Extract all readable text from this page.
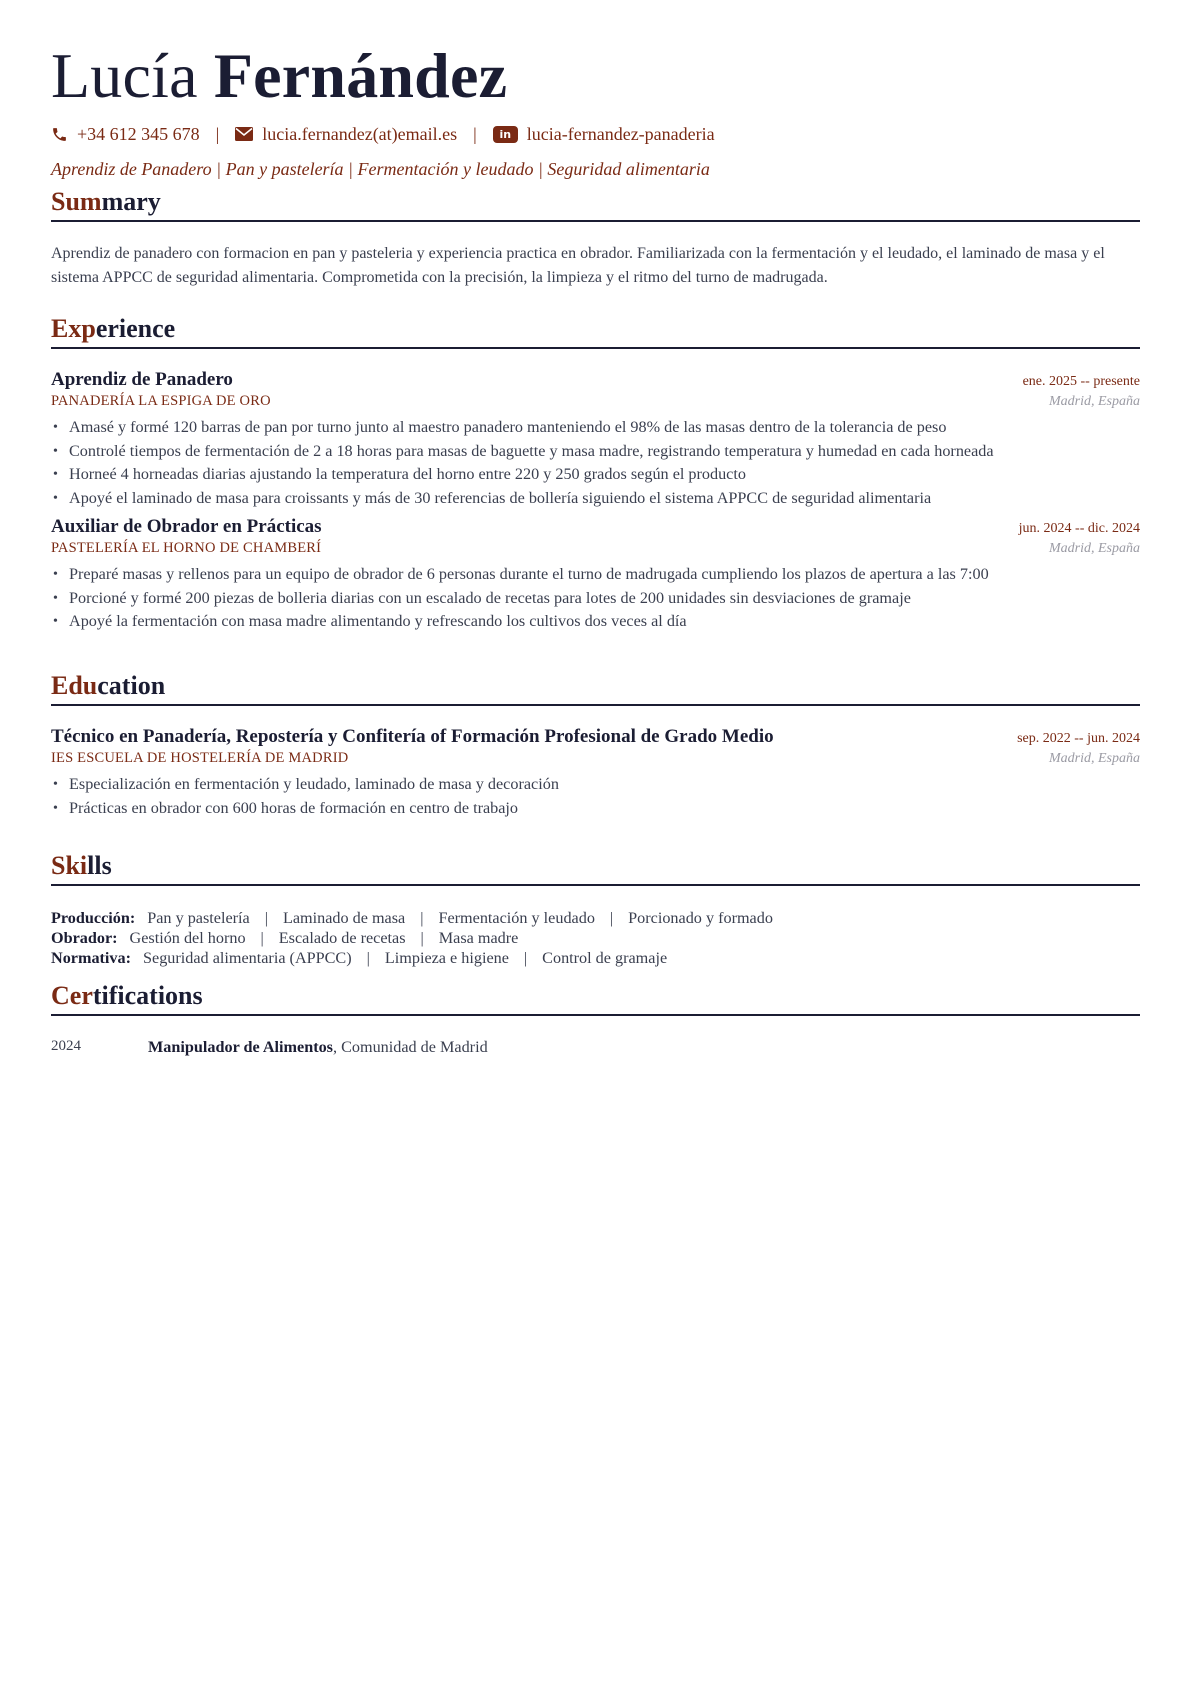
Lucía Fernández
+34 612 345 678 | lucia.fernandez(at)email.es |	in lucia-fernandez-panaderia
Aprendiz de Panadero | Pan y pastelería | Fermentación y leudado | Seguridad alimentaria
Summary

Aprendiz de panadero con formacion en pan y pasteleria y experiencia practica en obrador. Familiarizada con la fermentación y el leudado, el laminado de masa y el sistema APPCC de seguridad alimentaria. Comprometida con la precisión, la limpieza y el ritmo del turno de madrugada.

Experience
Aprendiz de Panadero	ene. 2025 -- presente
PANADERÍA LA ESPIGA DE ORO	Madrid, España
• Amasé y formé 120 barras de pan por turno junto al maestro panadero manteniendo el 98% de las masas dentro de la tolerancia de peso
• Controlé tiempos de fermentación de 2 a 18 horas para masas de baguette y masa madre, registrando temperatura y humedad en cada horneada
• Horneé 4 horneadas diarias ajustando la temperatura del horno entre 220 y 250 grados según el producto
• Apoyé el laminado de masa para croissants y más de 30 referencias de bollería siguiendo el sistema APPCC de seguridad alimentaria
Auxiliar de Obrador en Prácticas	jun. 2024 -- dic. 2024
PASTELERÍA EL HORNO DE CHAMBERÍ	Madrid, España
• Preparé masas y rellenos para un equipo de obrador de 6 personas durante el turno de madrugada cumpliendo los plazos de apertura a las 7:00
• Porcioné y formé 200 piezas de bolleria diarias con un escalado de recetas para lotes de 200 unidades sin desviaciones de gramaje
• Apoyé la fermentación con masa madre alimentando y refrescando los cultivos dos veces al día
Education
Técnico en Panadería, Repostería y Confitería of Formación Profesional de Grado Medio	sep. 2022 -- jun. 2024
IES ESCUELA DE HOSTELERÍA DE MADRID	Madrid, España
• Especialización en fermentación y leudado, laminado de masa y decoración
• Prácticas en obrador con 600 horas de formación en centro de trabajo
Skills
Producción: Pan y pastelería | Laminado de masa | Fermentación y leudado | Porcionado y formado
Obrador: Gestión del horno | Escalado de recetas | Masa madre
Normativa: Seguridad alimentaria (APPCC) | Limpieza e higiene | Control de gramaje
Certifications
2024	Manipulador de Alimentos, Comunidad de Madrid
